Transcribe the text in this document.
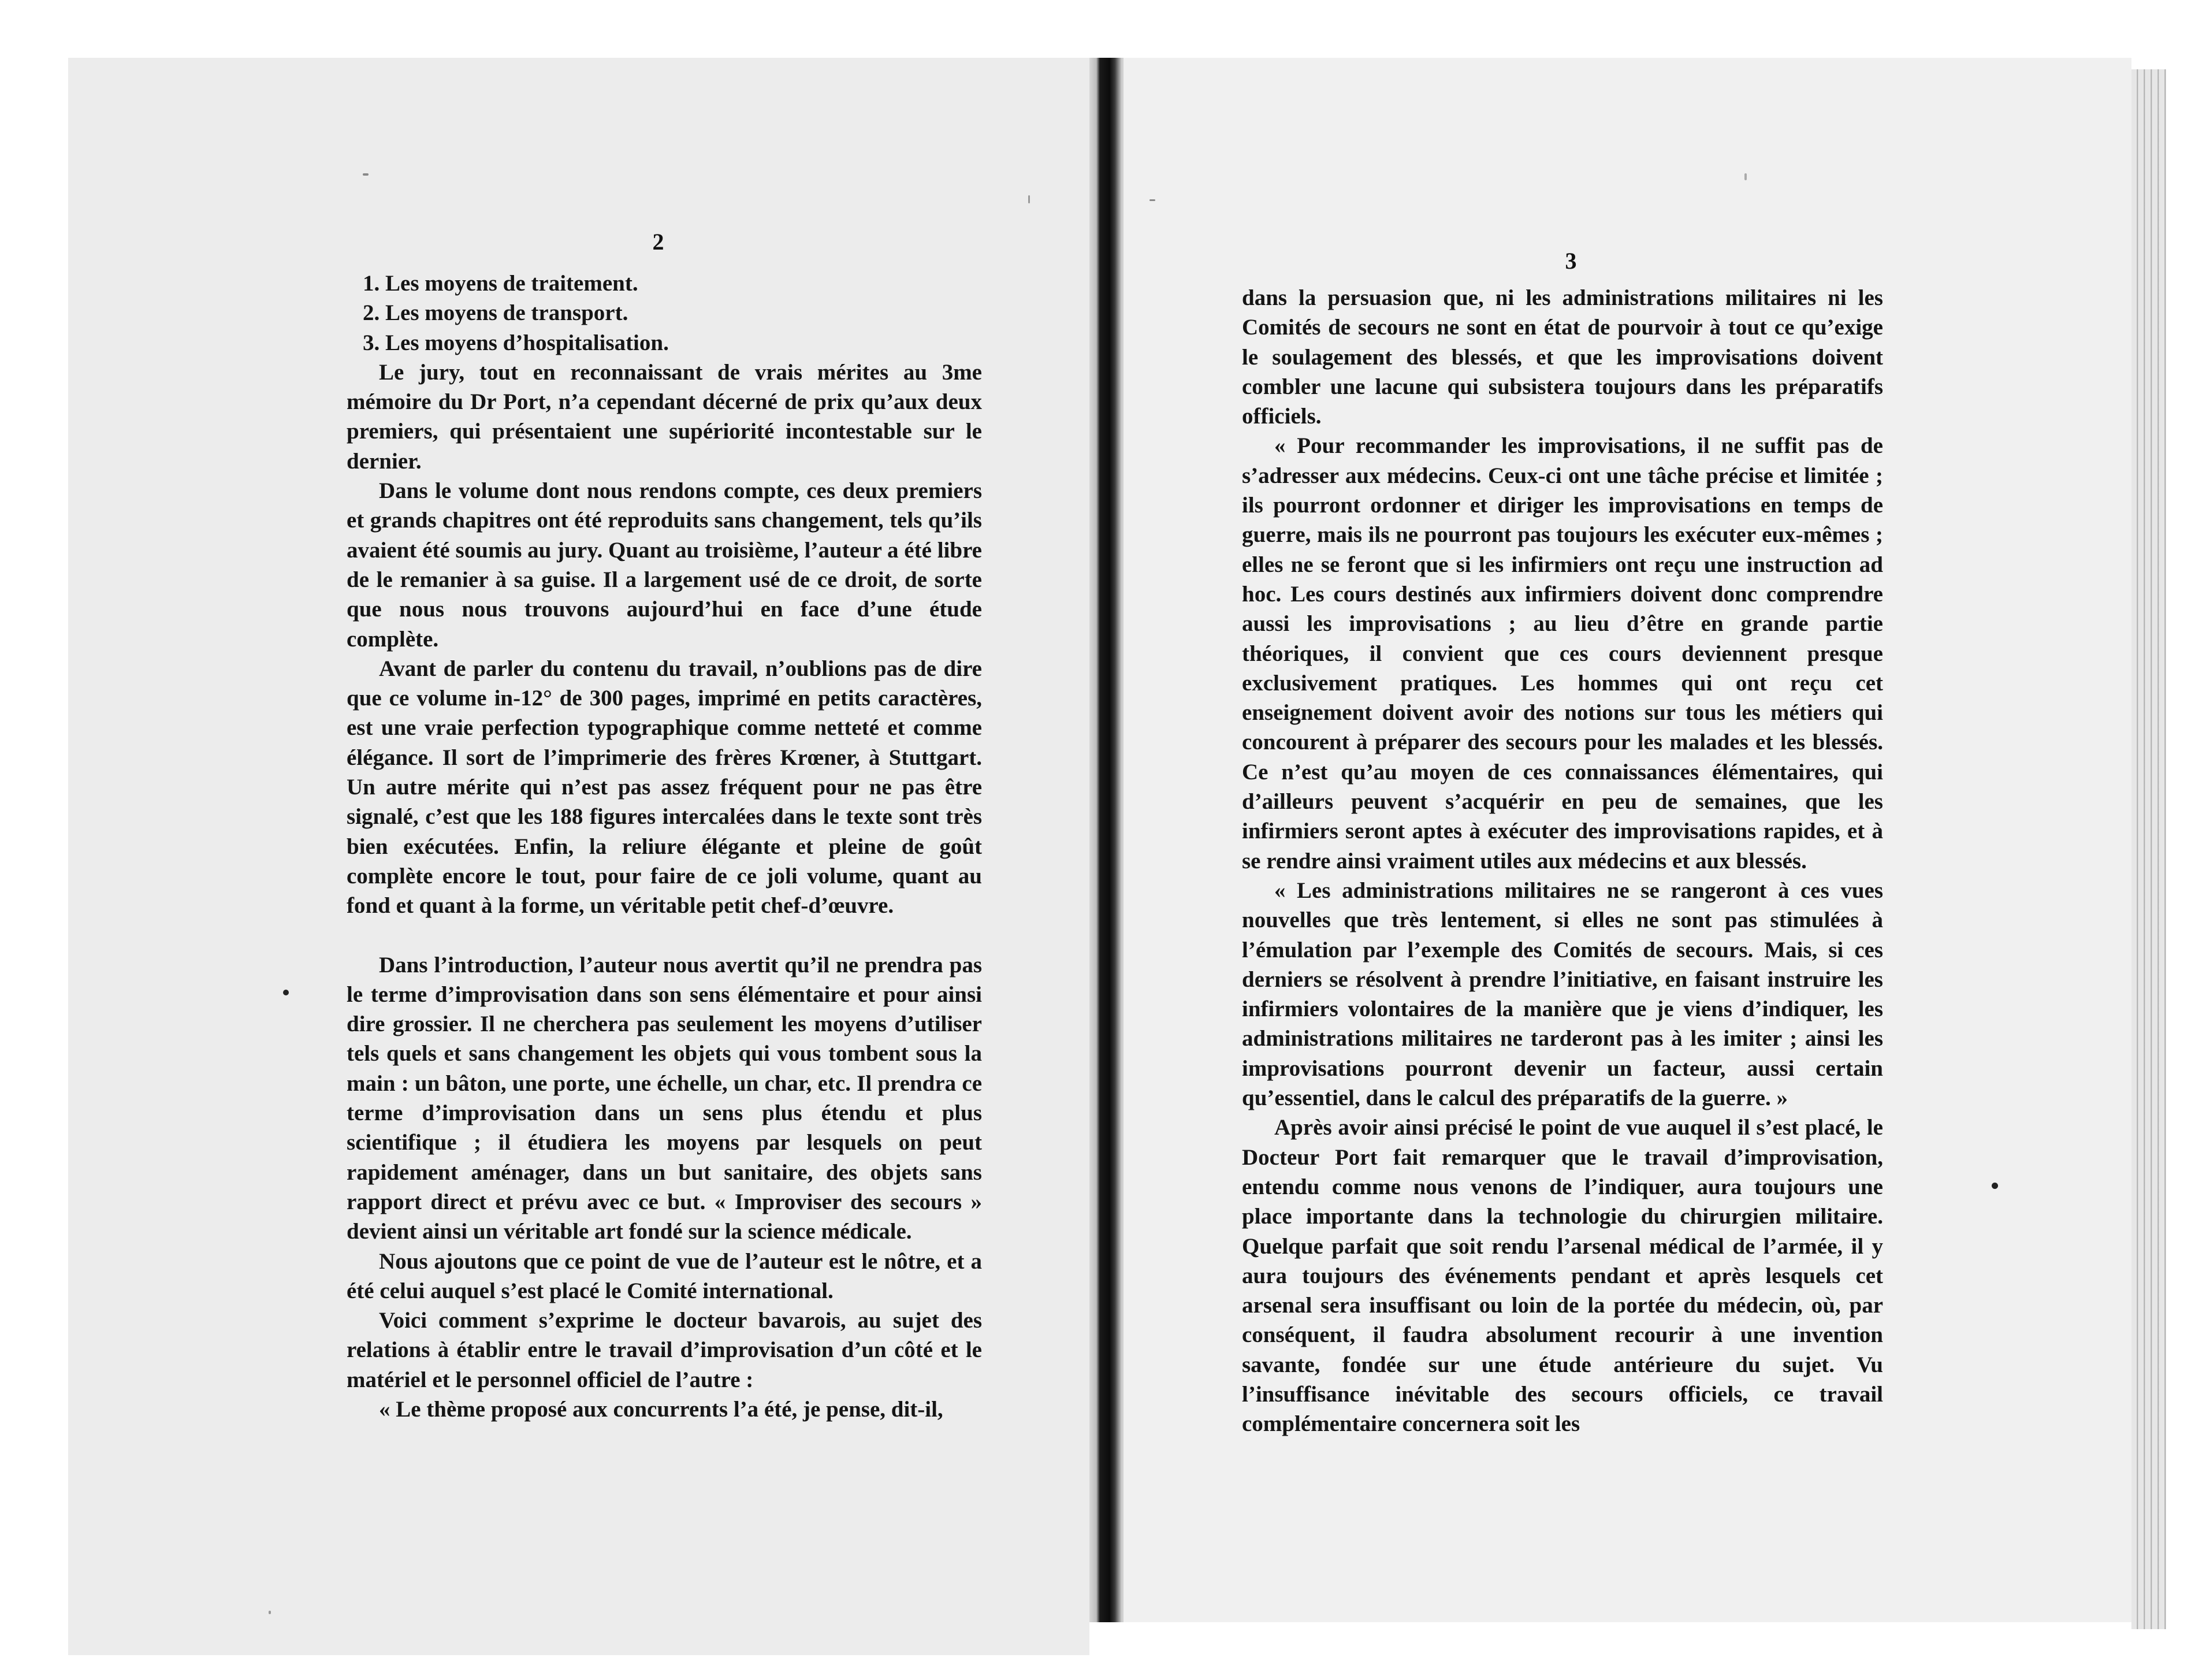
2
3

1. Les moyens de traitement.

2. Les moyens de transport.

3. Les moyens d’hospitalisation.

Le jury, tout en reconnaissant de vrais mérites au 3me mémoire du Dr Port, n’a cependant décerné de prix qu’aux deux premiers, qui présentaient une supériorité incontestable sur le dernier.

Dans le volume dont nous rendons compte, ces deux premiers et grands chapitres ont été reproduits sans changement, tels qu’ils avaient été soumis au jury. Quant au troisième, l’auteur a été libre de le remanier à sa guise. Il a largement usé de ce droit, de sorte que nous nous trouvons aujourd’hui en face d’une étude complète.

Avant de parler du contenu du travail, n’oublions pas de dire que ce volume in-12° de 300 pages, imprimé en petits caractères, est une vraie perfection typographique comme netteté et comme élégance. Il sort de l’imprimerie des frères Krœner, à Stuttgart. Un autre mérite qui n’est pas assez fréquent pour ne pas être signalé, c’est que les 188 figures intercalées dans le texte sont très bien exécutées. Enfin, la reliure élégante et pleine de goût complète encore le tout, pour faire de ce joli volume, quant au fond et quant à la forme, un véritable petit chef-d’œuvre.

Dans l’introduction, l’auteur nous avertit qu’il ne prendra pas le terme d’improvisation dans son sens élémentaire et pour ainsi dire grossier. Il ne cherchera pas seulement les moyens d’utiliser tels quels et sans changement les objets qui vous tombent sous la main : un bâton, une porte, une échelle, un char, etc. Il prendra ce terme d’improvisation dans un sens plus étendu et plus scientifique ; il étudiera les moyens par lesquels on peut rapidement aménager, dans un but sanitaire, des objets sans rapport direct et prévu avec ce but. « Improviser des secours » devient ainsi un véritable art fondé sur la science médicale.

Nous ajoutons que ce point de vue de l’auteur est le nôtre, et a été celui auquel s’est placé le Comité international.

Voici comment s’exprime le docteur bavarois, au sujet des relations à établir entre le travail d’improvisation d’un côté et le matériel et le personnel officiel de l’autre :

« Le thème proposé aux concurrents l’a été, je pense, dit-il,

dans la persuasion que, ni les administrations militaires ni les Comités de secours ne sont en état de pourvoir à tout ce qu’exige le soulagement des blessés, et que les improvisations doivent combler une lacune qui subsistera toujours dans les préparatifs officiels.

« Pour recommander les improvisations, il ne suffit pas de s’adresser aux médecins. Ceux-ci ont une tâche précise et limitée ; ils pourront ordonner et diriger les improvisations en temps de guerre, mais ils ne pourront pas toujours les exécuter eux-mêmes ; elles ne se feront que si les infirmiers ont reçu une instruction ad hoc. Les cours destinés aux infirmiers doivent donc comprendre aussi les improvisations ; au lieu d’être en grande partie théoriques, il convient que ces cours deviennent presque exclusivement pratiques. Les hommes qui ont reçu cet enseignement doivent avoir des notions sur tous les métiers qui concourent à préparer des secours pour les malades et les blessés. Ce n’est qu’au moyen de ces connaissances élémentaires, qui d’ailleurs peuvent s’acquérir en peu de semaines, que les infirmiers seront aptes à exécuter des improvisations rapides, et à se rendre ainsi vraiment utiles aux médecins et aux blessés.

« Les administrations militaires ne se rangeront à ces vues nouvelles que très lentement, si elles ne sont pas stimulées à l’émulation par l’exemple des Comités de secours. Mais, si ces derniers se résolvent à prendre l’initiative, en faisant instruire les infirmiers volontaires de la manière que je viens d’indiquer, les administrations militaires ne tarderont pas à les imiter ; ainsi les improvisations pourront devenir un facteur, aussi certain qu’essentiel, dans le calcul des préparatifs de la guerre. »

Après avoir ainsi précisé le point de vue auquel il s’est placé, le Docteur Port fait remarquer que le travail d’improvisation, entendu comme nous venons de l’indiquer, aura toujours une place importante dans la technologie du chirurgien militaire. Quelque parfait que soit rendu l’arsenal médical de l’armée, il y aura toujours des événements pendant et après lesquels cet arsenal sera insuffisant ou loin de la portée du médecin, où, par conséquent, il faudra absolument recourir à une invention savante, fondée sur une étude antérieure du sujet. Vu l’insuffisance inévitable des secours officiels, ce travail complémentaire concernera soit les
